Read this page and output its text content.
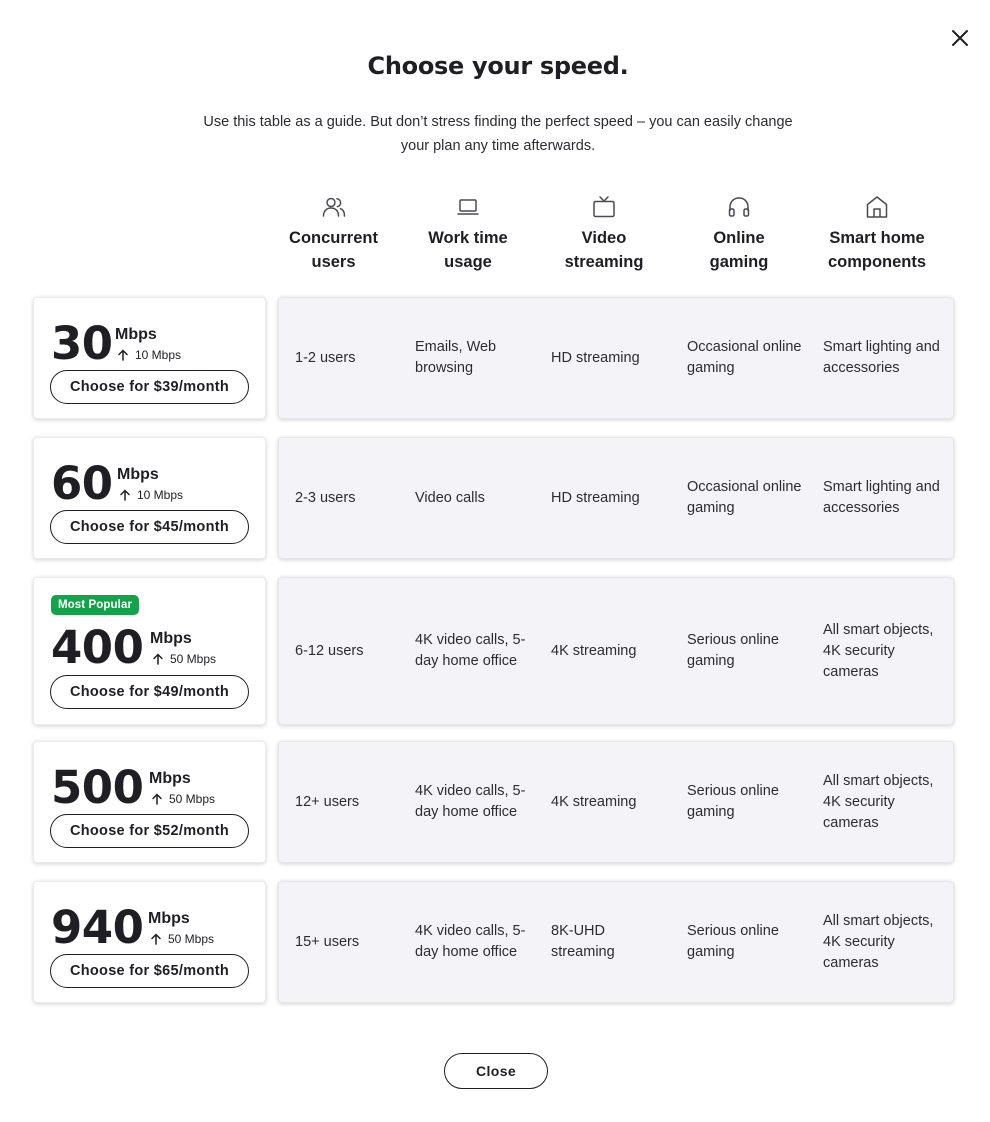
Choose your speed.

Use this table as a guide. But don’t stress finding the perfect speed – you can easily change your plan any time afterwards.

Concurrent users
Work time usage
Video streaming
Online gaming
Smart home components
30 Mbps
10 Mbps
Choose for $39/month
1-2 users
Emails, Web browsing
HD streaming
Occasional online gaming
Smart lighting and accessories
60 Mbps
10 Mbps
Choose for $45/month
2-3 users	Video calls	HD streaming
Occasional online gaming
Smart lighting and accessories
Most Popular
400 Mbps
50 Mbps
Choose for $49/month
6-12 users
4K video calls, 5-day home office
4K streaming
Serious online gaming
All smart objects, 4K security cameras
500 Mbps
50 Mbps
Choose for $52/month
12+ users
4K video calls, 5-day home office
4K streaming
Serious online gaming
All smart objects, 4K security cameras
940 Mbps
50 Mbps
Choose for $65/month
15+ users
4K video calls, 5-day home office
8K-UHD streaming
Serious online gaming
All smart objects, 4K security cameras
Close
